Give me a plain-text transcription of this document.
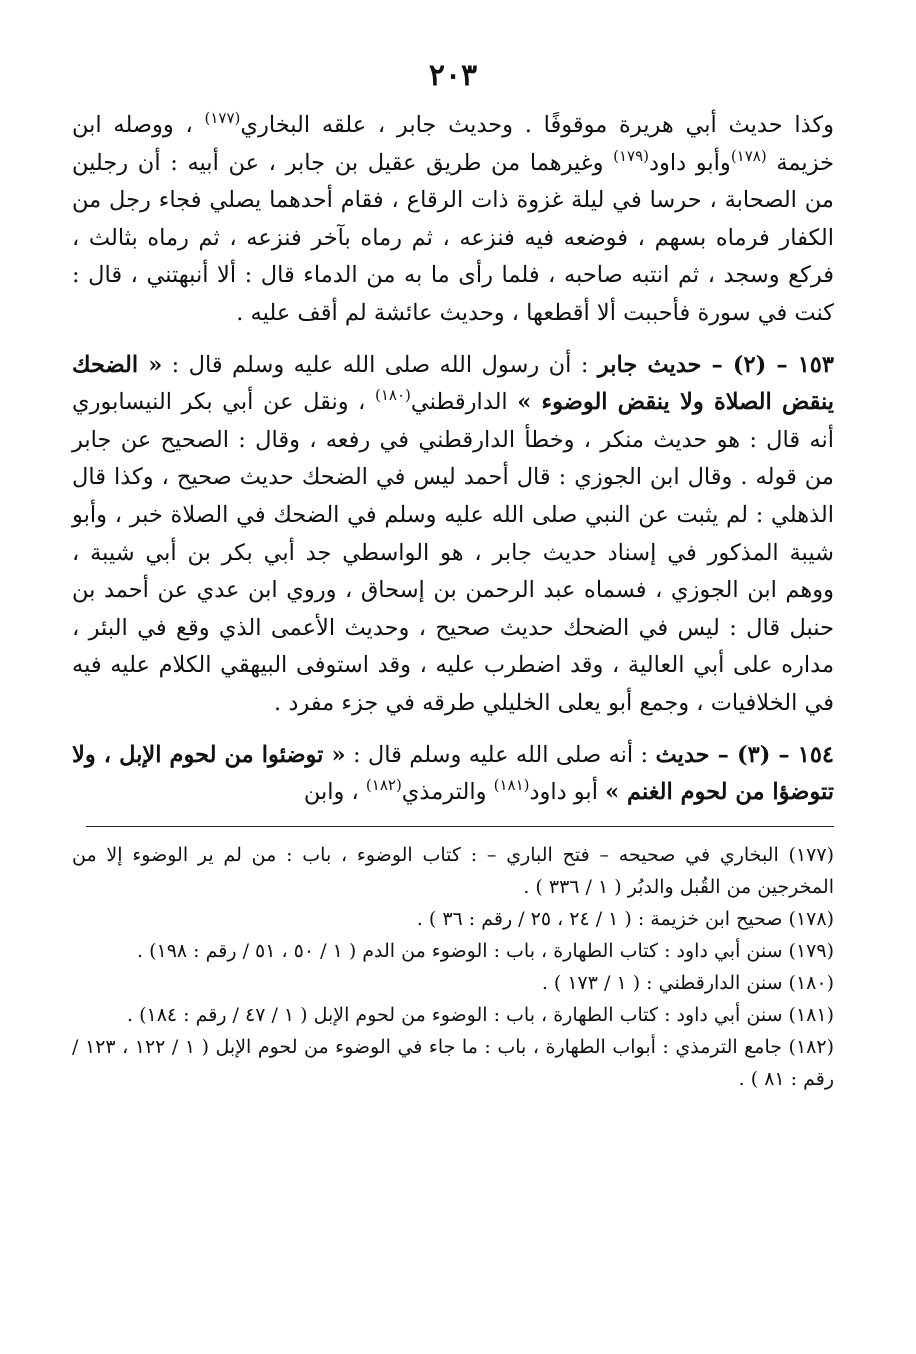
٢٠٣

وكذا حديث أبي هريرة موقوفًا . وحديث جابر ، علقه البخاري$^{(١٧٧)}$ ، ووصله ابن خزيمة $^{(١٧٨)}$وأبو داود$^{(١٧٩)}$ وغيرهما من طريق عقيل بن جابر ، عن أبيه : أن رجلين من الصحابة ، حرسا في ليلة غزوة ذات الرقاع ، فقام أحدهما يصلي فجاء رجل من الكفار فرماه بسهم ، فوضعه فيه فنزعه ، ثم رماه بآخر فنزعه ، ثم رماه بثالث ، فركع وسجد ، ثم انتبه صاحبه ، فلما رأى ما به من الدماء قال : ألا أنبهتني ، قال : كنت في سورة فأحببت ألا أقطعها ، وحديث عائشة لم أقف عليه .

١٥٣ – (٢) – حديث جابر : أن رسول الله صلى الله عليه وسلم قال : « الضحك ينقض الصلاة ولا ينقض الوضوء » الدارقطني$^{(١٨٠)}$ ، ونقل عن أبي بكر النيسابوري أنه قال : هو حديث منكر ، وخطأ الدارقطني في رفعه ، وقال : الصحيح عن جابر من قوله . وقال ابن الجوزي : قال أحمد ليس في الضحك حديث صحيح ، وكذا قال الذهلي : لم يثبت عن النبي صلى الله عليه وسلم في الضحك في الصلاة خبر ، وأبو شيبة المذكور في إسناد حديث جابر ، هو الواسطي جد أبي بكر بن أبي شيبة ، ووهم ابن الجوزي ، فسماه عبد الرحمن بن إسحاق ، وروي ابن عدي عن أحمد بن حنبل قال : ليس في الضحك حديث صحيح ، وحديث الأعمى الذي وقع في البئر ، مداره على أبي العالية ، وقد اضطرب عليه ، وقد استوفى البيهقي الكلام عليه فيه في الخلافيات ، وجمع أبو يعلى الخليلي طرقه في جزء مفرد .

١٥٤ – (٣) – حديث : أنه صلى الله عليه وسلم قال : « توضئوا من لحوم الإبل ، ولا تتوضؤا من لحوم الغنم » أبو داود$^{(١٨١)}$ والترمذي$^{(١٨٢)}$ ، وابن

(١٧٧) البخاري في صحيحه – فتح الباري – : كتاب الوضوء ، باب : من لم ير الوضوء إلا من المخرجين من القُبل والدبُر ( ١ / ٣٣٦ ) .

(١٧٨) صحيح ابن خزيمة : ( ١ / ٢٤ ، ٢٥ / رقم : ٣٦ ) .

(١٧٩) سنن أبي داود : كتاب الطهارة ، باب : الوضوء من الدم ( ١ / ٥٠ ، ٥١ / رقم : ١٩٨) .

(١٨٠) سنن الدارقطني : ( ١ / ١٧٣ ) .

(١٨١) سنن أبي داود : كتاب الطهارة ، باب : الوضوء من لحوم الإبل ( ١ / ٤٧ / رقم : ١٨٤) .

(١٨٢) جامع الترمذي : أبواب الطهارة ، باب : ما جاء في الوضوء من لحوم الإبل ( ١ / ١٢٢ ، ١٢٣ / رقم : ٨١ ) .
